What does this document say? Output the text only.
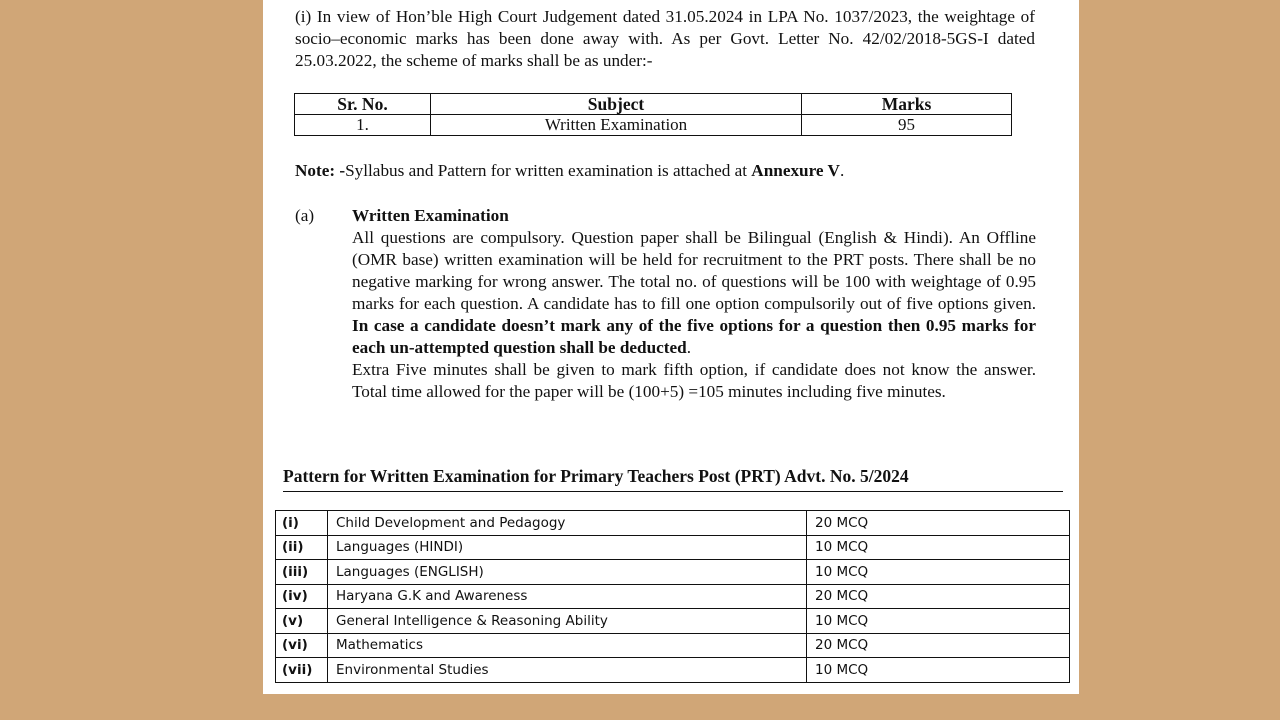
(i) In view of Hon’ble High Court Judgement dated 31.05.2024 in LPA No. 1037/2023, the weightage of socio–economic marks has been done away with. As per Govt. Letter No. 42/02/2018-5GS-I dated 25.03.2022, the scheme of marks shall be as under:-
Sr. No.	Subject	Marks
1.	Written Examination	95
Note: -Syllabus and Pattern for written examination is attached at Annexure V.
(a) Written Examination
All questions are compulsory. Question paper shall be Bilingual (English & Hindi). An Offline (OMR base) written examination will be held for recruitment to the PRT posts. There shall be no negative marking for wrong answer. The total no. of questions will be 100 with weightage of 0.95 marks for each question. A candidate has to fill one option compulsorily out of five options given. In case a candidate doesn’t mark any of the five options for a question then 0.95 marks for each un-attempted question shall be deducted.
Extra Five minutes shall be given to mark fifth option, if candidate does not know the answer. Total time allowed for the paper will be (100+5) =105 minutes including five minutes.
Pattern for Written Examination for Primary Teachers Post (PRT) Advt. No. 5/2024
(i)	Child Development and Pedagogy	20 MCQ
(ii)	Languages (HINDI)	10 MCQ
(iii)	Languages (ENGLISH)	10 MCQ
(iv)	Haryana G.K and Awareness	20 MCQ
(v)	General Intelligence & Reasoning Ability	10 MCQ
(vi)	Mathematics	20 MCQ
(vii)	Environmental Studies	10 MCQ
